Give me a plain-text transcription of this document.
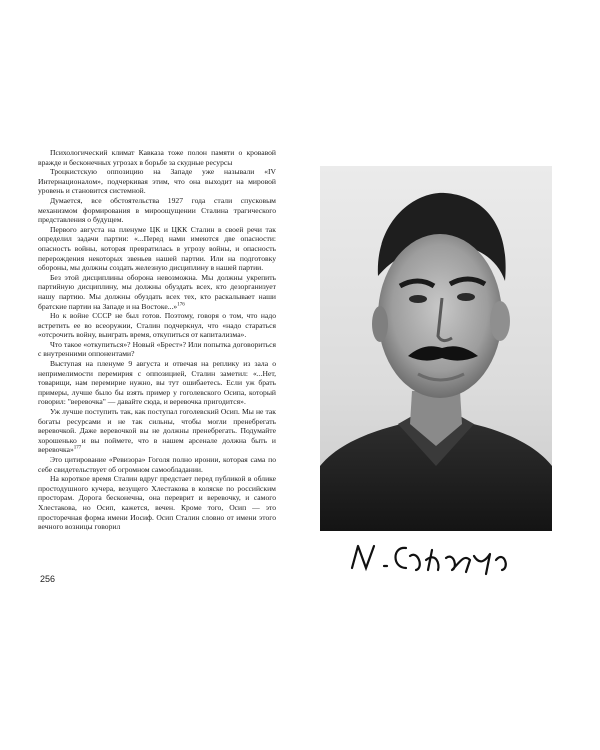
Психологический климат Кавказа тоже полон памяти о кровавой вражде и бесконечных угрозах в борьбе за скудные ресурсы

Троцкистскую оппозицию на Западе уже называли «IV Интернационалом», подчеркивая этим, что она выходит на мировой уровень и становится системной.

Думается, все обстоятельства 1927 года стали спусковым механизмом формирования в мироощущении Сталина трагического представления о будущем.

Первого августа на пленуме ЦК и ЦКК Сталин в своей речи так определил задачи партии: «...Перед нами имеются две опасности: опасность войны, которая превратилась в угрозу войны, и опасность перерождения некоторых звеньев нашей партии. Или на подготовку обороны, мы должны создать железную дисциплину в нашей партии.

Без этой дисциплины оборона невозможна. Мы должны укрепить партийную дисциплину, мы должны обуздать всех, кто дезорганизует нашу партию. Мы должны обуздать всех тех, кто раскалывает наши братские партии на Западе и на Востоке...»$^{176}$

Но к войне СССР не был готов. Поэтому, говоря о том, что надо встретить ее во всеоружии, Сталин подчеркнул, что «надо стараться «отсрочить войну, выиграть время, откупиться от капитализма».

Что такое «откупиться»? Новый «Брест»? Или попытка договориться с внутренними оппонентами?

Выступая на пленуме 9 августа и отвечая на реплику из зала о непримелимости перемирия с оппозицией, Сталин заметил: «...Нет, товарищи, нам перемирие нужно, вы тут ошибаетесь. Если уж брать примеры, лучше было бы взять пример у гоголевского Осипа, который говорил: "веревочка" — давайте сюда, и веревочка пригодится».

Уж лучше поступить так, как поступал гоголевский Осип. Мы не так богаты ресурсами и не так сильны, чтобы могли пренебрегать веревочкой. Даже веревочкой вы не должны пренебрегать. Подумайте хорошенько и вы поймете, что в нашем арсенале должна быть и веревочка»$^{177}$

Это цитирование «Ревизора» Гоголя полно иронии, которая сама по себе свидетельствует об огромном самообладании.

На короткое время Сталин вдруг предстает перед публикой в облике простодушного кучера, везущего Хлестакова в коляске по российским просторам. Дорога бесконечна, она переврит и веревочку, и самого Хлестакова, но Осип, кажется, вечен. Кроме того, Осип — это просторечная форма имени Иосиф. Осип Сталин словно от имени этого вечного возницы говорил

256
